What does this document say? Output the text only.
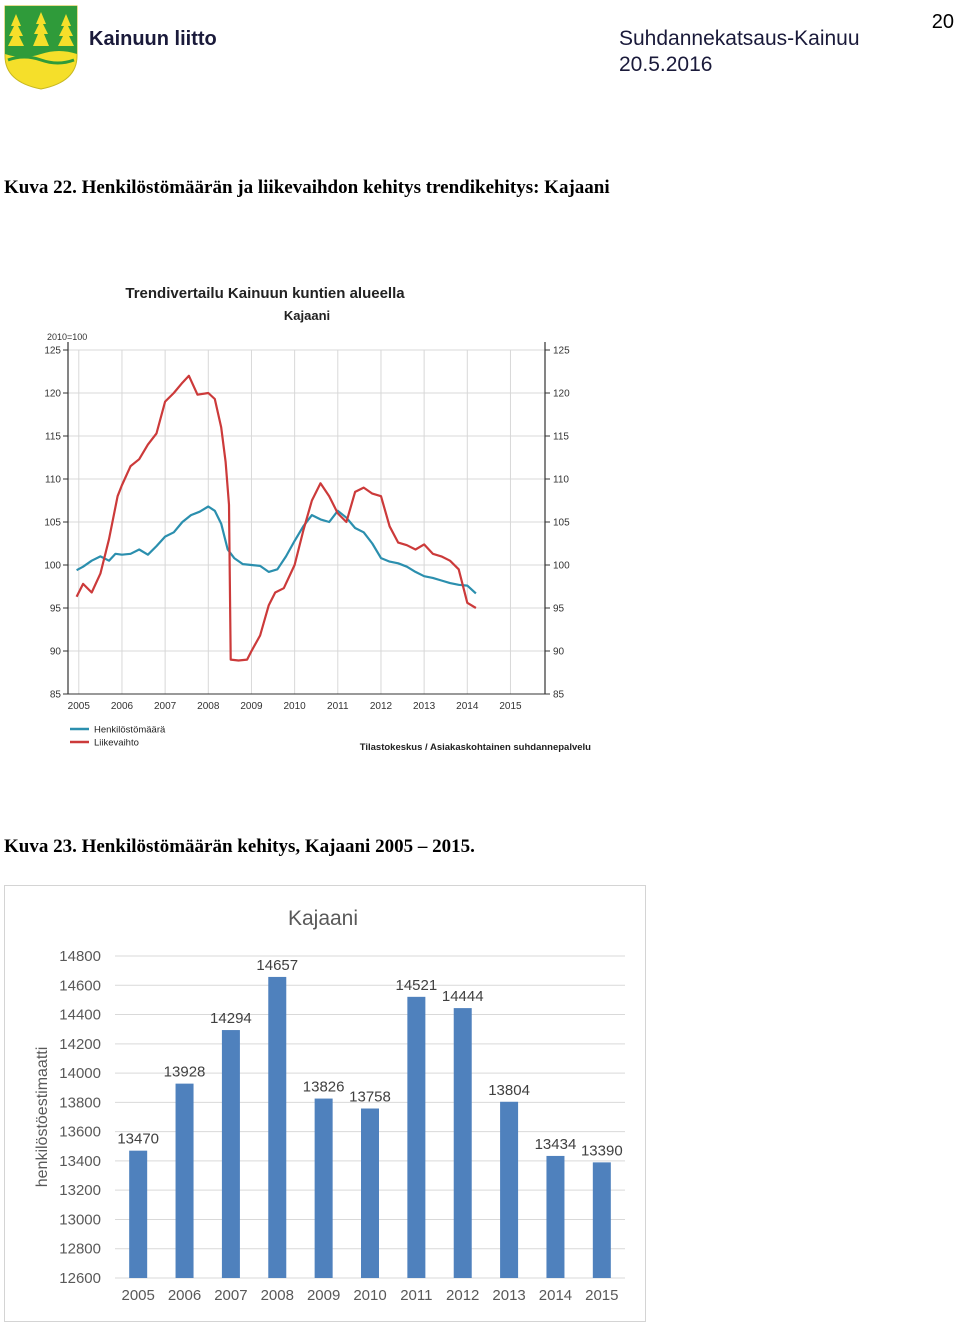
Kainuun liitto	Suhdannekatsaus-Kainuu
20.5.2016
20
Kuva 22. Henkilöstömäärän ja liikevaihdon kehitys trendikehitys: Kajaani
Trendivertailu Kainuun kuntien alueella
Kajaani
2010=100
85	85
90	90
95	95
100	100
105	105
110	110
115	115
120	120
125	125
2005 2006 2007 2008 2009 2010 2011 2012 2013 2014 2015
Henkilöstömäärä
Liikevaihto	Tilastokeskus / Asiakaskohtainen suhdannepalvelu
Kuva 23. Henkilöstömäärän kehitys, Kajaani 2005 – 2015.
Kajaani
12600
12800
13000
13200
13400
13600
13800
14000
14200
14400
14600
14800
henkilöstöestimaatti	13470
2005
13928
2006
14294
2007
14657
2008
13826
2009
13758
2010
14521
2011
14444
2012
13804
2013
13434
2014
13390
2015
